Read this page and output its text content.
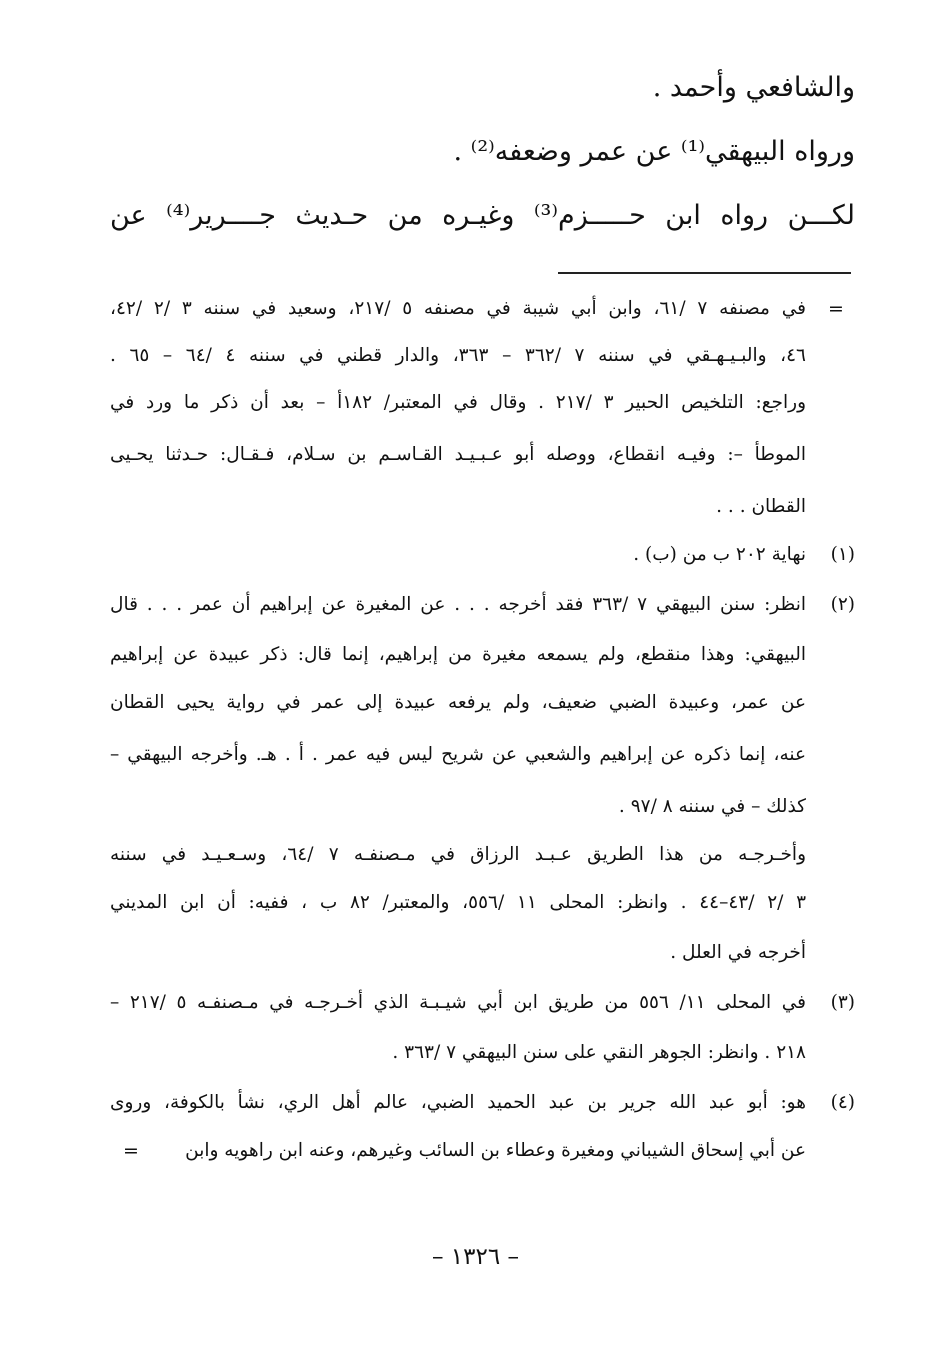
والشافعي وأحمد .
ورواه البيهقي⁽¹⁾ عن عمر وضعفه⁽²⁾ .
لكـــن رواه ابن حـــــزم⁽³⁾ وغيـره من حـديث جــــرير⁽⁴⁾ عن
=
في مصنفه ٧ /٦١، وابن أبي شيبة في مصنفه ٥ /٢١٧، وسعيد في سننه ٣ /٢ /٤٢،
٤٦، والبـيـهـقي في سننه ٧ /٣٦٢ – ٣٦٣، والدار قطني في سننه ٤ /٦٤ – ٦٥ .
وراجع: التلخيص الحبير ٣ /٢١٧ . وقال في المعتبر/ ١٨٢أ – بعد أن ذكر ما ورد في
الموطأ –: وفيـه انقطاع، ووصله أبو عـبـيـد القـاسـم بن سـلام، فـقـال: حـدثنا يحـيى
القطان . . .
(١)
نهاية ٢٠٢ ب من (ب) .
(٢)
انظر: سنن البيهقي ٧ /٣٦٣ فقد أخرجه . . . عن المغيرة عن إبراهيم أن عمر . . . قال
البيهقي: وهذا منقطع، ولم يسمعه مغيرة من إبراهيم، إنما قال: ذكر عبيدة عن إبراهيم
عن عمر، وعبيدة الضبي ضعيف، ولم يرفعه عبيدة إلى عمر في رواية يحيى القطان
عنه، إنما ذكره عن إبراهيم والشعبي عن شريح ليس فيه عمر . أ . هـ. وأخرجه البيهقي –
كذلك – في سننه ٨ /٩٧ .
وأخـرجـه من هذا الطريق عـبـد الرزاق في مـصنفـه ٧ /٦٤، وسـعـيـد في سننه
٣ /٢ /٤٣–٤٤ . وانظر: المحلى ١١ /٥٥٦، والمعتبر/ ٨٢ ب ، ففيه: أن ابن المديني
أخرجه في العلل .
(٣)
في المحلى ١١/ ٥٥٦ من طريق ابن أبي شيـبـة الذي أخـرجـه في مـصنفـه ٥ /٢١٧ –
٢١٨ . وانظر: الجوهر النقي على سنن البيهقي ٧ /٣٦٣ .
(٤)
هو: أبو عبد الله جرير بن عبد الحميد الضبي، عالم أهل الري، نشأ بالكوفة، وروى
عن أبي إسحاق الشيباني ومغيرة وعطاء بن السائب وغيرهم، وعنه ابن راهويه وابن
=
– ١٣٢٦ –
